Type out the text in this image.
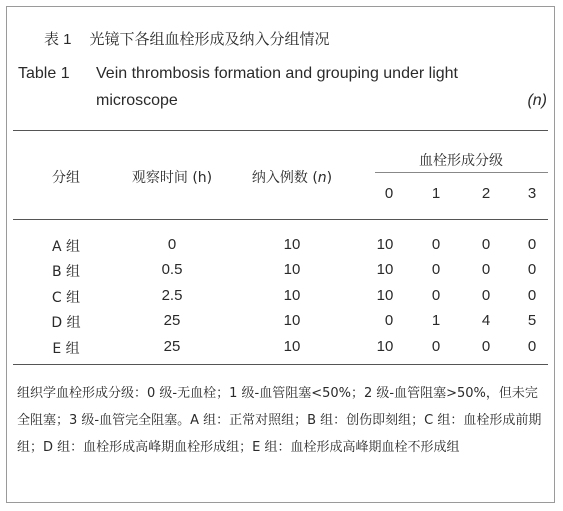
表 1 光镜下各组血栓形成及纳入分组情况
Table 1 Vein thrombosis formation and grouping under light
microscope	(n)
分组	观察时间 (h)	纳入例数 (n)
血栓形成分级
0	1	2	3
A 组	0	10	10	0	0	0
B 组	0.5	10	10	0	0	0
C 组	2.5	10	10	0	0	0
D 组	25	10	0	1	4	5
E 组	25	10	10	0	0	0
组织学血栓形成分级：0 级-无血栓；1 级-血管阻塞<50%；2 级-血管阻塞>50%，但未完全阻塞；3 级-血管完全阻塞。A 组：正常对照组；B 组：创伤即刻组；C 组：血栓形成前期组；D 组：血栓形成高峰期血栓形成组；E 组：血栓形成高峰期血栓不形成组
